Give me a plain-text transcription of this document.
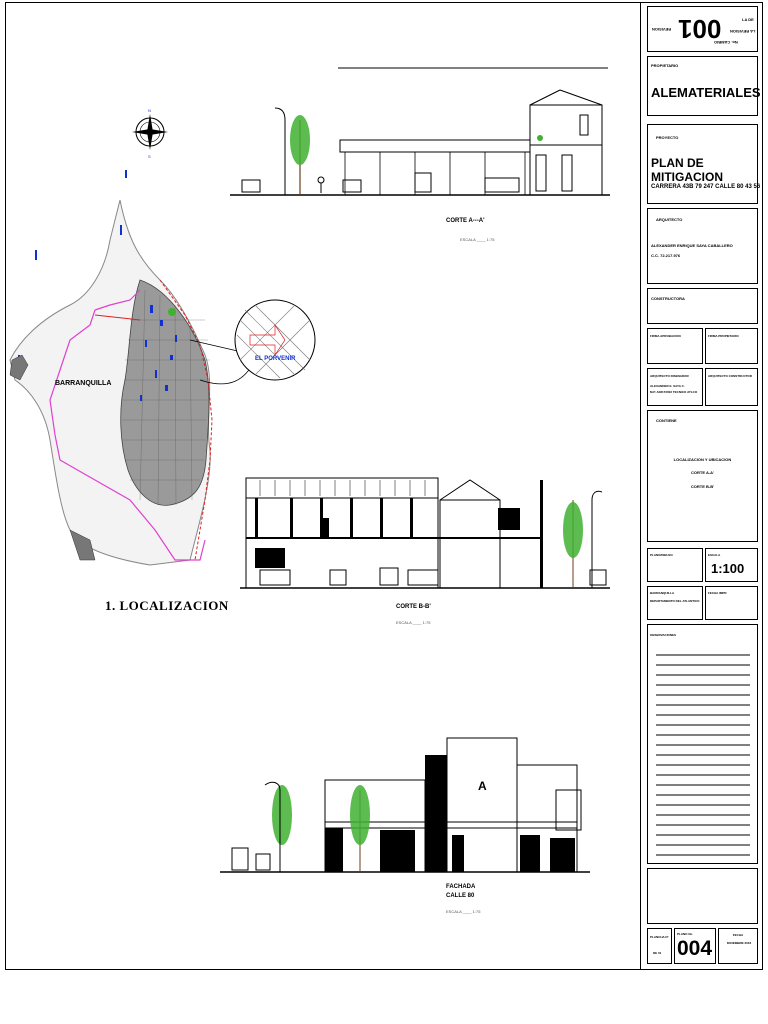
N
S
EL PORVENIR
BARRANQUILLA
1. LOCALIZACION
CORTE A---A'
ESCALA ____ 1:75
CORTE B-B'
ESCALA ____ 1:75
A
FACHADA
CALLE 80
ESCALA ____ 1:75
REVISION 001
No. CAMBIO
LA REVISION
LA DE
PROPIETARIO
ALEMATERIALES
PROYECTO
PLAN DE MITIGACION
CARRERA 43B 79 247 CALLE 80 43 56
ARQUITECTO
ALEXANDER ENRIQUE SAYA CABALLERO
C.C. 72.217.976
CONSTRUCTORA
FIRMA APROBACION	FIRMA PROPIETARIO
ARQUITECTO DISENADOR
ALEXANDER E. SAYA C.
M.P. A08172002 TECNICO ATLCO
ARQUITECTO CONSTRUCTOR
CONTIENE
LOCALIZACION Y UBICACION
CORTE A-A'
CORTE B-B'
PLANO/DIBUJO	ESCALA
1:100
BARRANQUILLA
DEPARTAMENTO DEL ATLANTICO
FECHA IMPR
OBSERVACIONES
PLANCHA N°
DE 01
PLANO No
004
FECHA
DICIEMBRE 2016
